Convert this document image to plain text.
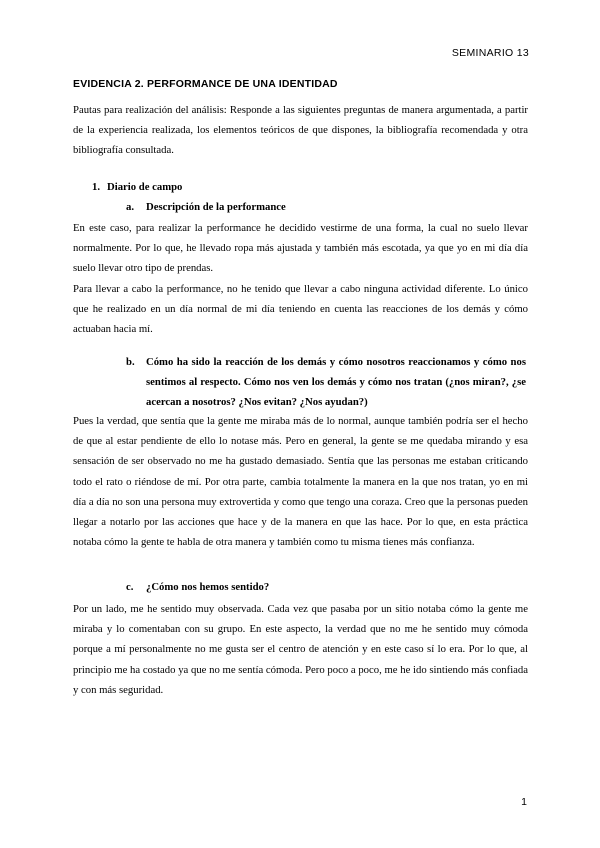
SEMINARIO 13
EVIDENCIA 2. PERFORMANCE DE UNA IDENTIDAD
Pautas para realización del análisis: Responde a las siguientes preguntas de manera argumentada, a partir de la experiencia realizada, los elementos teóricos de que dispones, la bibliografía recomendada y otra bibliografía consultada.
1. Diario de campo
a. Descripción de la performance

En este caso, para realizar la performance he decidido vestirme de una forma, la cual no suelo llevar normalmente. Por lo que, he llevado ropa más ajustada y también más escotada, ya que yo en mi día día suelo llevar otro tipo de prendas.

Para llevar a cabo la performance, no he tenido que llevar a cabo ninguna actividad diferente. Lo único que he realizado en un día normal de mi día teniendo en cuenta las reacciones de los demás y cómo actuaban hacia mí.

b. Cómo ha sido la reacción de los demás y cómo nosotros reaccionamos y cómo nos sentimos al respecto. Cómo nos ven los demás y cómo nos tratan (¿nos miran?, ¿se acercan a nosotros? ¿Nos evitan? ¿Nos ayudan?)
Pues la verdad, que sentía que la gente me miraba más de lo normal, aunque también podría ser el hecho de que al estar pendiente de ello lo notase más. Pero en general, la gente se me quedaba mirando y esa sensación de ser observado no me ha gustado demasiado. Sentía que las personas me estaban criticando todo el rato o riéndose de mí. Por otra parte, cambia totalmente la manera en la que nos tratan, yo en mi día a día no son una persona muy extrovertida y como que tengo una coraza. Creo que la personas pueden llegar a notarlo por las acciones que hace y de la manera en que las hace. Por lo que, en esta práctica notaba cómo la gente te habla de otra manera y también como tu misma tienes más confianza.
c. ¿Cómo nos hemos sentido?
Por un lado, me he sentido muy observada. Cada vez que pasaba por un sitio notaba cómo la gente me miraba y lo comentaban con su grupo. En este aspecto, la verdad que no me he sentido muy cómoda porque a mí personalmente no me gusta ser el centro de atención y en este caso sí lo era. Por lo que, al principio me ha costado ya que no me sentía cómoda. Pero poco a poco, me he ido sintiendo más confiada y con más seguridad.
1
